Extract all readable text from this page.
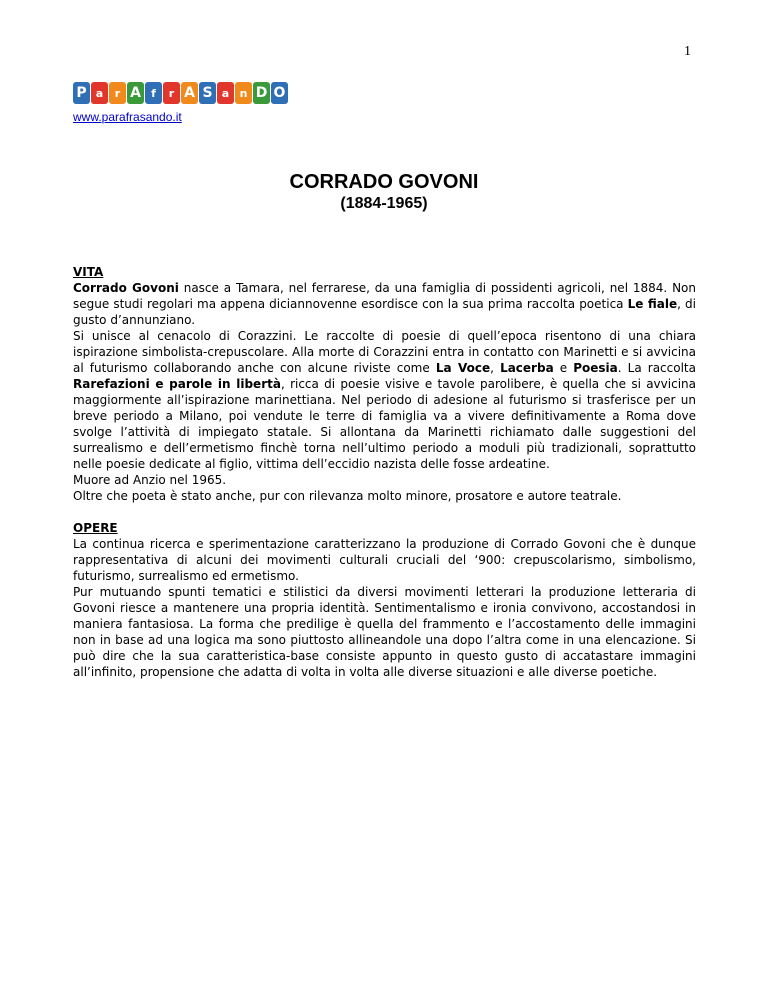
1
P a	r A f	r A S a n D O
www.parafrasando.it
CORRADO GOVONI
(1884-1965)
VITA

Corrado Govoni nasce a Tamara, nel ferrarese, da una famiglia di possidenti agricoli, nel 1884. Non segue studi regolari ma appena diciannovenne esordisce con la sua prima raccolta poetica Le fiale, di gusto d’annunziano.

Si unisce al cenacolo di Corazzini. Le raccolte di poesie di quell’epoca risentono di una chiara ispirazione simbolista-crepuscolare. Alla morte di Corazzini entra in contatto con Marinetti e si avvicina al futurismo collaborando anche con alcune riviste come La Voce, Lacerba e Poesia. La raccolta Rarefazioni e parole in libertà, ricca di poesie visive e tavole parolibere, è quella che si avvicina maggiormente all’ispirazione marinettiana. Nel periodo di adesione al futurismo si trasferisce per un breve periodo a Milano, poi vendute le terre di famiglia va a vivere definitivamente a Roma dove svolge l’attività di impiegato statale. Si allontana da Marinetti richiamato dalle suggestioni del surrealismo e dell’ermetismo finchè torna nell’ultimo periodo a moduli più tradizionali, soprattutto nelle poesie dedicate al figlio, vittima dell’eccidio nazista delle fosse ardeatine.

Muore ad Anzio nel 1965.

Oltre che poeta è stato anche, pur con rilevanza molto minore, prosatore e autore teatrale.

OPERE

La continua ricerca e sperimentazione caratterizzano la produzione di Corrado Govoni che è dunque rappresentativa di alcuni dei movimenti culturali cruciali del ‘900: crepuscolarismo, simbolismo, futurismo, surrealismo ed ermetismo.

Pur mutuando spunti tematici e stilistici da diversi movimenti letterari la produzione letteraria di Govoni riesce a mantenere una propria identità. Sentimentalismo e ironia convivono, accostandosi in maniera fantasiosa. La forma che predilige è quella del frammento e l’accostamento delle immagini non in base ad una logica ma sono piuttosto allineandole una dopo l’altra come in una elencazione. Si può dire che la sua caratteristica-base consiste appunto in questo gusto di accatastare immagini all’infinito, propensione che adatta di volta in volta alle diverse situazioni e alle diverse poetiche.
